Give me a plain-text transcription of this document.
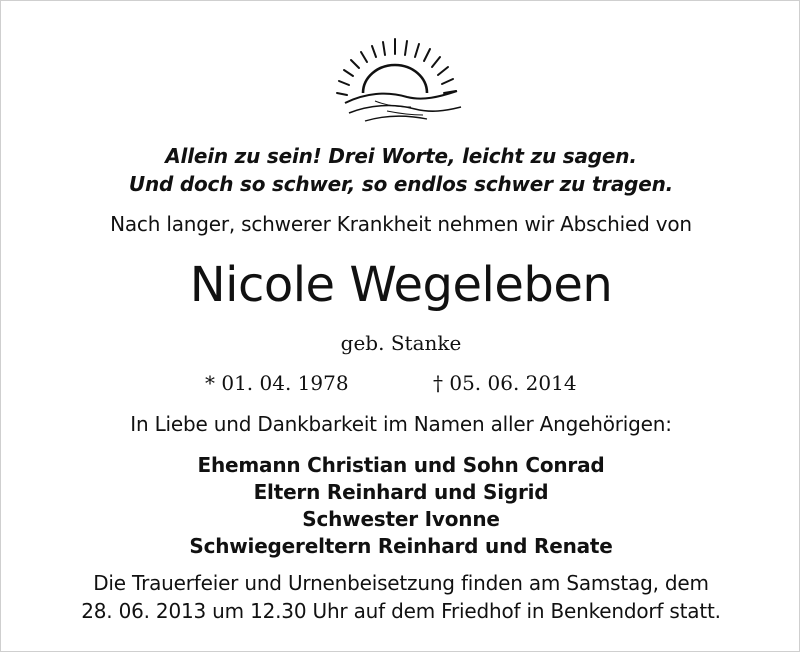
Allein zu sein! Drei Worte, leicht zu sagen.
Und doch so schwer, so endlos schwer zu tragen.
Nach langer, schwerer Krankheit nehmen wir Abschied von
Nicole Wegeleben
geb. Stanke
* 01. 04. 1978	† 05. 06. 2014
In Liebe und Dankbarkeit im Namen aller Angehörigen:
Ehemann Christian und Sohn Conrad
Eltern Reinhard und Sigrid
Schwester Ivonne
Schwiegereltern Reinhard und Renate
Die Trauerfeier und Urnenbeisetzung finden am Samstag, dem
28. 06. 2013 um 12.30 Uhr auf dem Friedhof in Benkendorf statt.
